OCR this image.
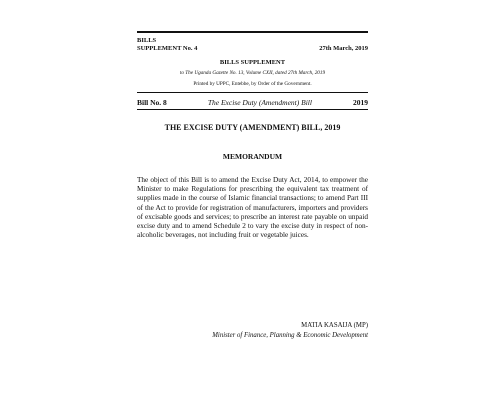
BILLS
SUPPLEMENT No. 4	27th March, 2019
BILLS SUPPLEMENT
to The Uganda Gazette No. 13, Volume CXII, dated 27th March, 2019
Printed by UPPC, Entebbe, by Order of the Government.
Bill No. 8	The Excise Duty (Amendment) Bill	2019
THE EXCISE DUTY (AMENDMENT) BILL, 2019
MEMORANDUM
The object of this Bill is to amend the Excise Duty Act, 2014, to empower the Minister to make Regulations for prescribing the equivalent tax treatment of supplies made in the course of Islamic financial transactions; to amend Part III of the Act to provide for registration of manufacturers, importers and providers of excisable goods and services; to prescribe an interest rate payable on unpaid excise duty and to amend Schedule 2 to vary the excise duty in respect of non- alcoholic beverages, not including fruit or vegetable juices.
MATIA KASAIJA (MP)
Minister of Finance, Planning & Economic Development
